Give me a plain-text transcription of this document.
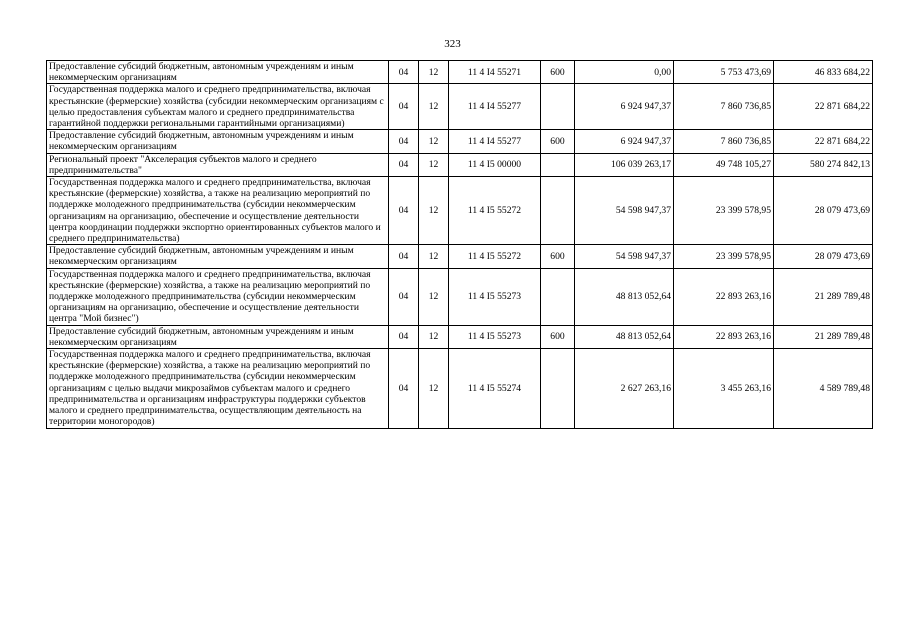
323
Предоставление субсидий бюджетным, автономным учреждениям и иным некоммерческим организациям	04	12	11 4 I4 55271	600	0,00	5 753 473,69	46 833 684,22
Государственная поддержка малого и среднего предпринимательства, включая крестьянские (фермерские) хозяйства (субсидии некоммерческим организациям с целью предоставления субъектам малого и среднего предпринимательства гарантийной поддержки региональными гарантийными организациями)	04	12	11 4 I4 55277		6 924 947,37	7 860 736,85	22 871 684,22
Предоставление субсидий бюджетным, автономным учреждениям и иным некоммерческим организациям	04	12	11 4 I4 55277	600	6 924 947,37	7 860 736,85	22 871 684,22
Региональный проект "Акселерация субъектов малого и среднего предпринимательства"	04	12	11 4 I5 00000		106 039 263,17	49 748 105,27	580 274 842,13
Государственная поддержка малого и среднего предпринимательства, включая крестьянские (фермерские) хозяйства, а также на реализацию мероприятий по поддержке молодежного предпринимательства (субсидии некоммерческим организациям на организацию, обеспечение и осуществление деятельности центра координации поддержки экспортно ориентированных субъектов малого и среднего предпринимательства)	04	12	11 4 I5 55272		54 598 947,37	23 399 578,95	28 079 473,69
Предоставление субсидий бюджетным, автономным учреждениям и иным некоммерческим организациям	04	12	11 4 I5 55272	600	54 598 947,37	23 399 578,95	28 079 473,69
Государственная поддержка малого и среднего предпринимательства, включая крестьянские (фермерские) хозяйства, а также на реализацию мероприятий по поддержке молодежного предпринимательства (субсидии некоммерческим организациям на организацию, обеспечение и осуществление деятельности центра "Мой бизнес")	04	12	11 4 I5 55273		48 813 052,64	22 893 263,16	21 289 789,48
Предоставление субсидий бюджетным, автономным учреждениям и иным некоммерческим организациям	04	12	11 4 I5 55273	600	48 813 052,64	22 893 263,16	21 289 789,48
Государственная поддержка малого и среднего предпринимательства, включая крестьянские (фермерские) хозяйства, а также на реализацию мероприятий по поддержке молодежного предпринимательства (субсидии некоммерческим организациям с целью выдачи микрозаймов субъектам малого и среднего предпринимательства и организациям инфраструктуры поддержки субъектов малого и среднего предпринимательства, осуществляющим деятельность на территории моногородов)	04	12	11 4 I5 55274		2 627 263,16	3 455 263,16	4 589 789,48
